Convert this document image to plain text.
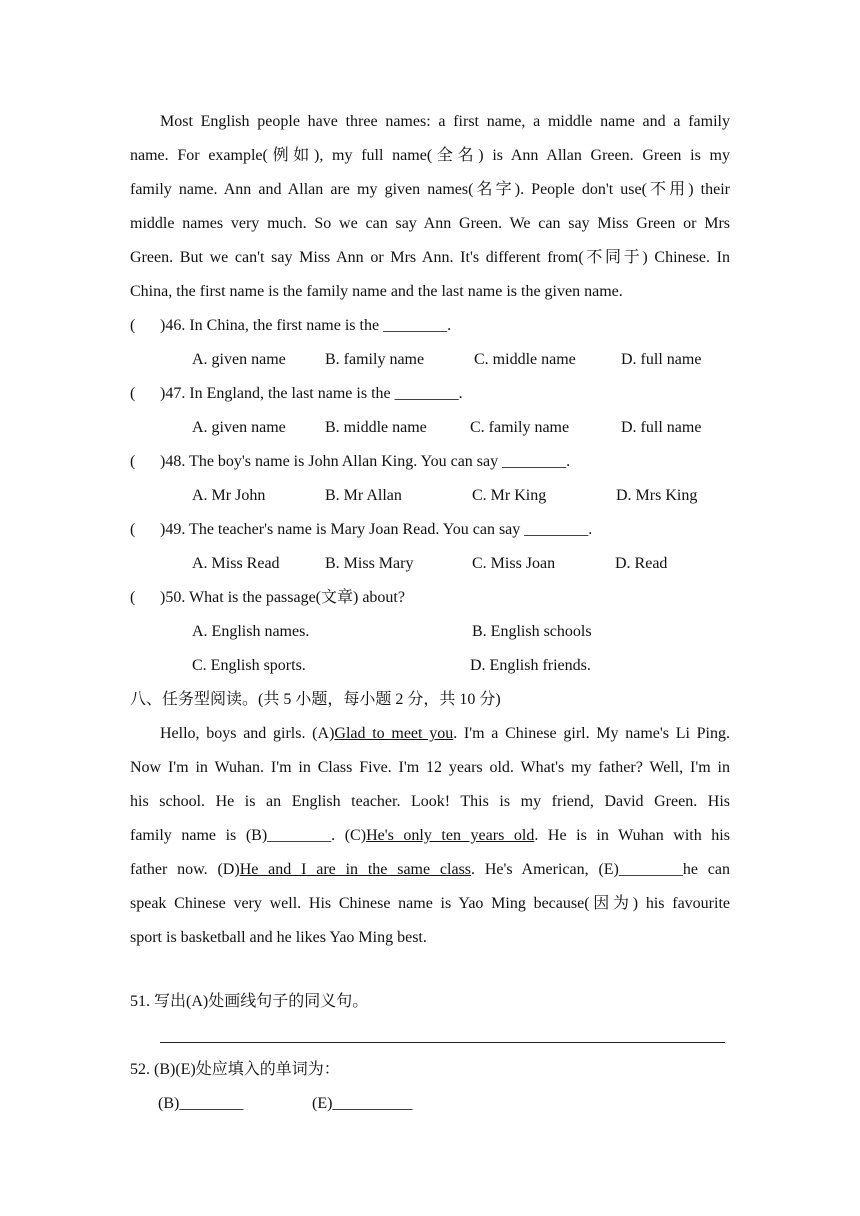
Most English people have three names: a first name, a middle name and a family
name. For example(例如), my full name(全名) is Ann Allan Green. Green is my
family name. Ann and Allan are my given names(名字). People don't use(不用) their
middle names very much. So we can say Ann Green. We can say Miss Green or Mrs
Green. But we can't say Miss Ann or Mrs Ann. It's different from(不同于) Chinese. In
China, the first name is the family name and the last name is the given name.
( )46. In China, the first name is the ________.
A. given name B. family name	C. middle name	D. full name
( )47. In England, the last name is the ________.
A. given name B. middle name	C. family name	D. full name
( )48. The boy's name is John Allan King. You can say ________.
A. Mr John	B. Mr Allan	C. Mr King	D. Mrs King
( )49. The teacher's name is Mary Joan Read. You can say ________.
A. Miss Read	B. Miss Mary	C. Miss Joan	D. Read
( )50. What is the passage(文章) about?
A. English names.	B. English schools
C. English sports.	D. English friends.
八、任务型阅读。(共 5 小题，每小题 2 分，共 10 分)
Hello, boys and girls. (A)Glad to meet you. I'm a Chinese girl. My name's Li Ping.
Now I'm in Wuhan. I'm in Class Five. I'm 12 years old. What's my father? Well, I'm in
his school. He is an English teacher. Look! This is my friend, David Green. His
family name is (B)________. (C)He's only ten years old. He is in Wuhan with his
father now. (D)He and I are in the same class. He's American, (E)________he can
speak Chinese very well. His Chinese name is Yao Ming because(因为) his favourite
sport is basketball and he likes Yao Ming best.
51. 写出(A)处画线句子的同义句。
52. (B)(E)处应填入的单词为：
(B)________	(E)__________
